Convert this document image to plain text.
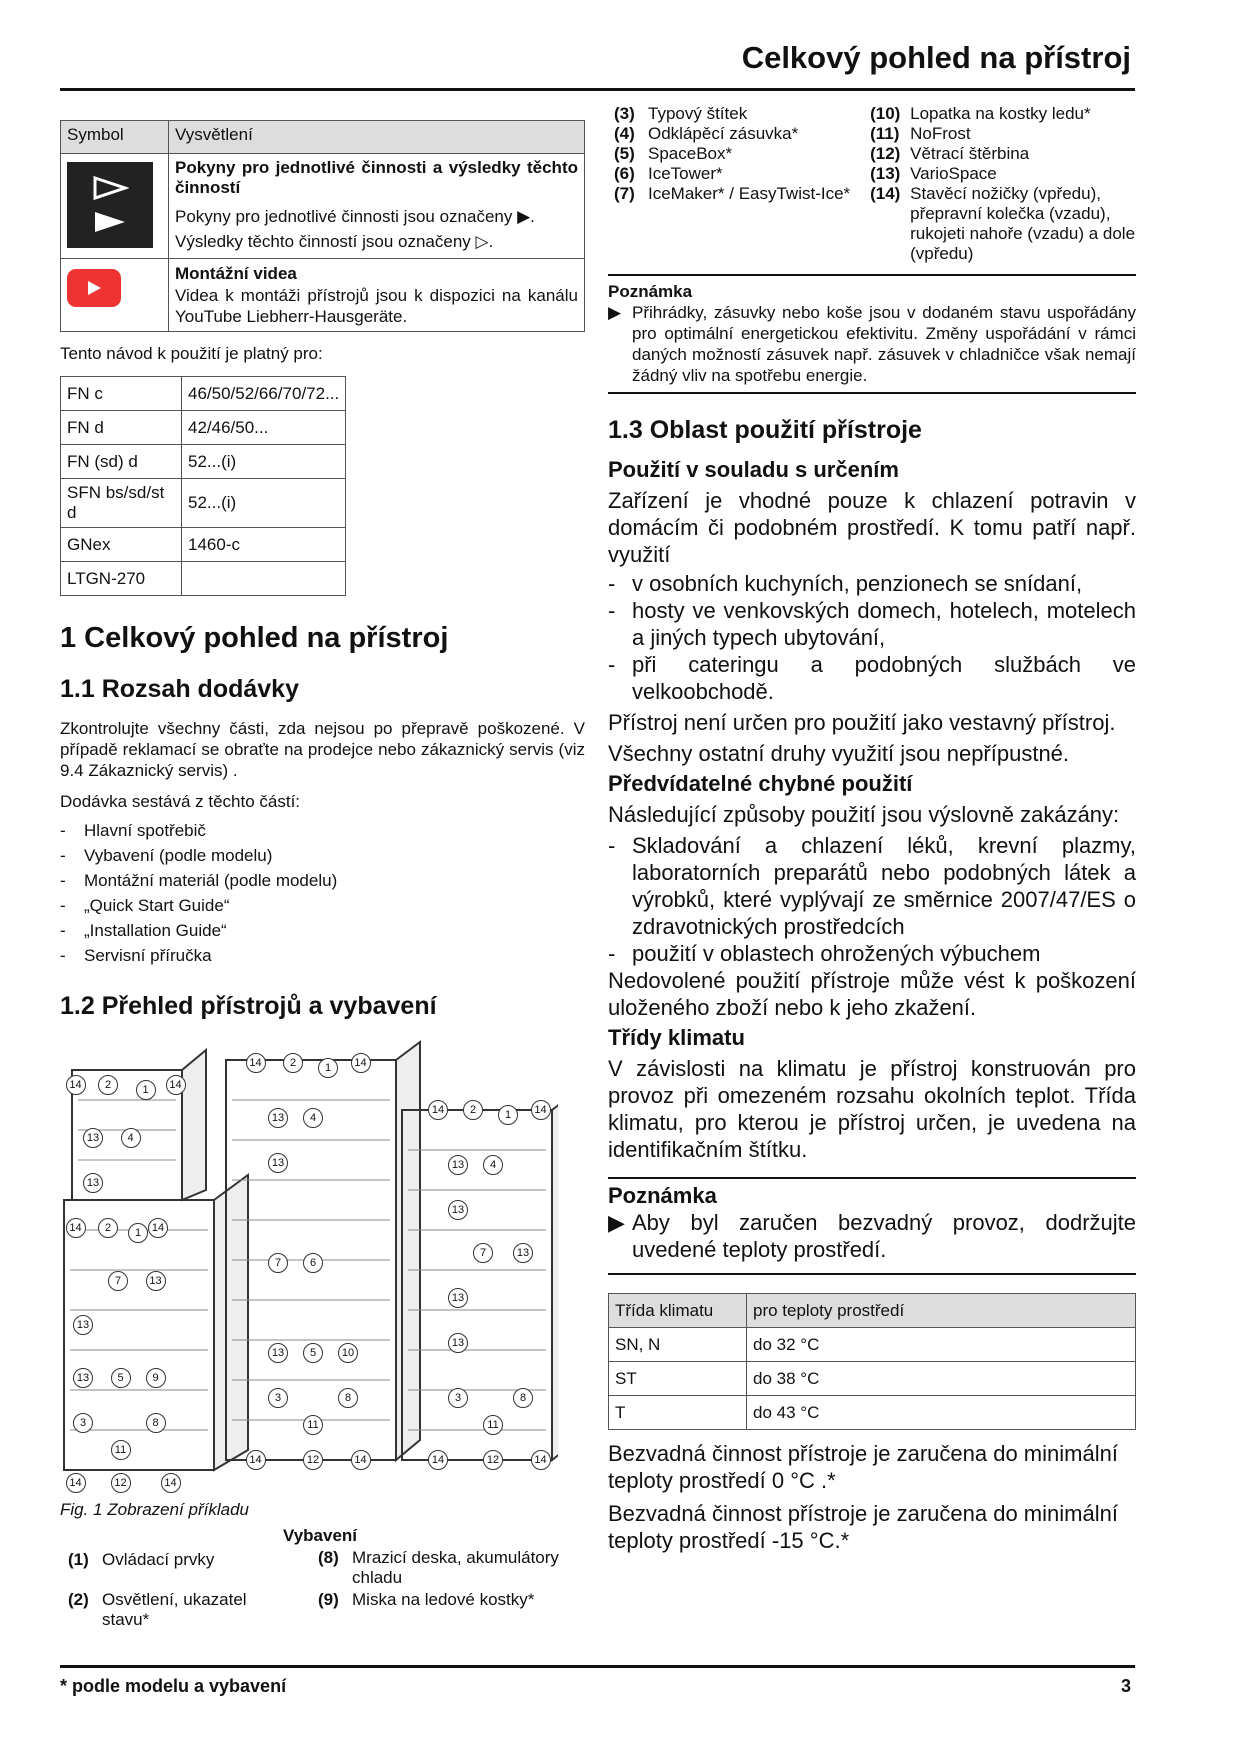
Celkový pohled na přístroj
Symbol	Vysvětlení

Pokyny pro jednotlivé činnosti a výsledky těchto činností

Pokyny pro jednotlivé činnosti jsou označeny ▶.

Výsledky těchto činností jsou označeny ▷.

Montážní videa

Videa k montáži přístrojů jsou k dispozici na kanálu YouTube Liebherr-Hausgeräte.

Tento návod k použití je platný pro:

FN c	46/50/52/66/70/72...
FN d	42/46/50...
FN (sd) d	52...(i)
SFN bs/sd/st d	52...(i)
GNex	1460-c
LTGN-270	
1 Celkový pohled na přístroj
1.1 Rozsah dodávky

Zkontrolujte všechny části, zda nejsou po přepravě poškozené. V případě reklamací se obraťte na prodejce nebo zákaznický servis (viz 9.4 Zákaznický servis) .

Dodávka sestává z těchto částí:

- Hlavní spotřebič
- Vybavení (podle modelu)
- Montážní materiál (podle modelu)
- „Quick Start Guide“
- „Installation Guide“
- Servisní příručka
1.2 Přehled přístrojů a vybavení
14	2	1	14
13	4
13
14	2	1 14
7	13
13
13	5	9
3	8
11
14	12	14
14	2	1	14
13	4
13
7	6
13	5	10
3	8
11
14	12	14
14	2	1	14
13	4
13
7	13
13
13
3	8
11
14	12	14

Fig. 1 Zobrazení příkladu

Vybavení

(1) Ovládací prvky
(2) Osvětlení, ukazatel stavu*
(8) Mrazicí deska, akumulátory chladu
(9) Miska na ledové kostky*
(3) Typový štítek
(4) Odklápěcí zásuvka*
(5) SpaceBox*
(6) IceTower*
(7) IceMaker* / EasyTwist-Ice*
(10) Lopatka na kostky ledu*
(11) NoFrost
(12) Větrací štěrbina
(13) VarioSpace
(14) Stavěcí nožičky (vpředu), přepravní kolečka (vzadu), rukojeti nahoře (vzadu) a dole (vpředu)

Poznámka

▶ Přihrádky, zásuvky nebo koše jsou v dodaném stavu uspořádány pro optimální energetickou efektivitu. Změny uspořádání v rámci daných možností zásuvek např. zásuvek v chladničce však nemají žádný vliv na spotřebu energie.
1.3 Oblast použití přístroje

Použití v souladu s určením

Zařízení je vhodné pouze k chlazení potravin v domácím či podobném prostředí. K tomu patří např. využití

- v osobních kuchyních, penzionech se snídaní,
- hosty ve venkovských domech, hotelech, motelech a jiných typech ubytování,
- při cateringu a podobných službách ve velkoobchodě.

Přístroj není určen pro použití jako vestavný přístroj.

Všechny ostatní druhy využití jsou nepřípustné.

Předvídatelné chybné použití

Následující způsoby použití jsou výslovně zakázány:

- Skladování a chlazení léků, krevní plazmy, laboratorních preparátů nebo podobných látek a výrobků, které vyplývají ze směrnice 2007/47/ES o zdravotnických prostředcích
- použití v oblastech ohrožených výbuchem

Nedovolené použití přístroje může vést k poškození uloženého zboží nebo k jeho zkažení.

Třídy klimatu

V závislosti na klimatu je přístroj konstruován pro provoz při omezeném rozsahu okolních teplot. Třída klimatu, pro kterou je přístroj určen, je uvedena na identifikačním štítku.

Poznámka

▶ Aby byl zaručen bezvadný provoz, dodržujte uvedené teploty prostředí.
Třída klimatu	pro teploty prostředí
SN, N	do 32 °C
ST	do 38 °C
T	do 43 °C

Bezvadná činnost přístroje je zaručena do minimální teploty prostředí 0 °C .*

Bezvadná činnost přístroje je zaručena do minimální teploty prostředí -15 °C.*

* podle modelu a vybavení	3
